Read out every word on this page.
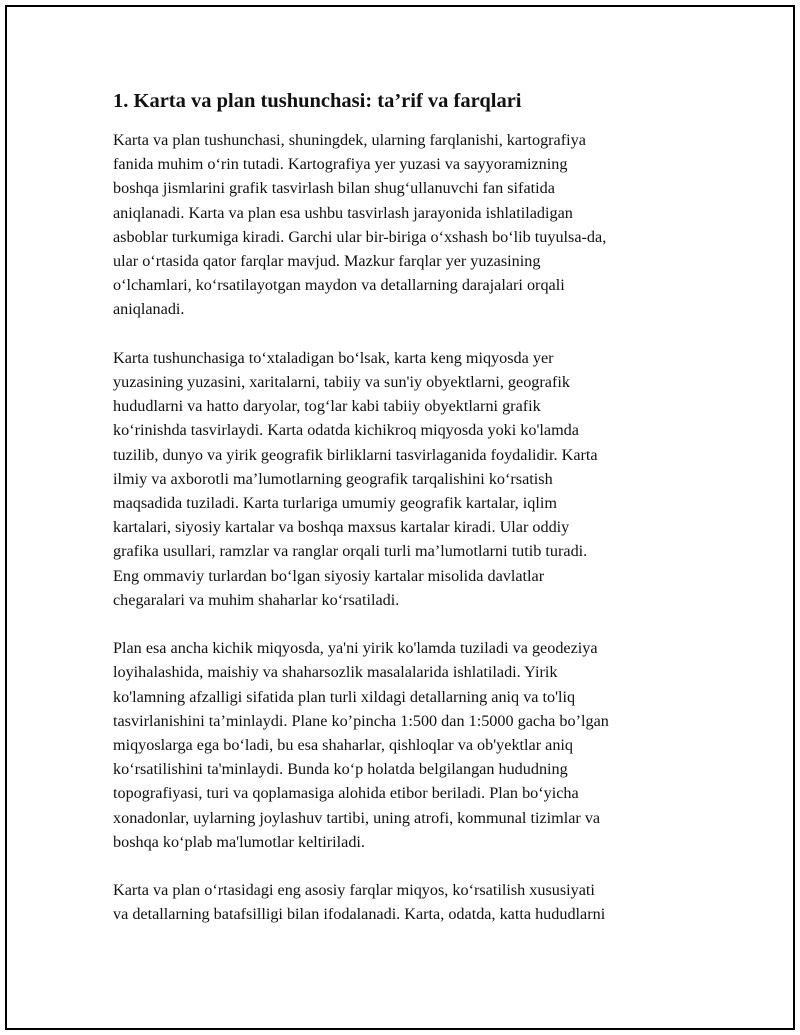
1. Karta va plan tushunchasi: ta’rif va farqlari
Karta va plan tushunchasi, shuningdek, ularning farqlanishi, kartografiya
fanida muhim o‘rin tutadi. Kartografiya yer yuzasi va sayyoramizning
boshqa jismlarini grafik tasvirlash bilan shug‘ullanuvchi fan sifatida
aniqlanadi. Karta va plan esa ushbu tasvirlash jarayonida ishlatiladigan
asboblar turkumiga kiradi. Garchi ular bir-biriga o‘xshash bo‘lib tuyulsa-da,
ular o‘rtasida qator farqlar mavjud. Mazkur farqlar yer yuzasining
o‘lchamlari, ko‘rsatilayotgan maydon va detallarning darajalari orqali
aniqlanadi.
Karta tushunchasiga to‘xtaladigan bo‘lsak, karta keng miqyosda yer
yuzasining yuzasini, xaritalarni, tabiiy va sun'iy obyektlarni, geografik
hududlarni va hatto daryolar, tog‘lar kabi tabiiy obyektlarni grafik
ko‘rinishda tasvirlaydi. Karta odatda kichikroq miqyosda yoki ko'lamda
tuzilib, dunyo va yirik geografik birliklarni tasvirlaganida foydalidir. Karta
ilmiy va axborotli ma’lumotlarning geografik tarqalishini ko‘rsatish
maqsadida tuziladi. Karta turlariga umumiy geografik kartalar, iqlim
kartalari, siyosiy kartalar va boshqa maxsus kartalar kiradi. Ular oddiy
grafika usullari, ramzlar va ranglar orqali turli ma’lumotlarni tutib turadi.
Eng ommaviy turlardan bo‘lgan siyosiy kartalar misolida davlatlar
chegaralari va muhim shaharlar ko‘rsatiladi.
Plan esa ancha kichik miqyosda, ya'ni yirik ko'lamda tuziladi va geodeziya
loyihalashida, maishiy va shaharsozlik masalalarida ishlatiladi. Yirik
ko'lamning afzalligi sifatida plan turli xildagi detallarning aniq va to'liq
tasvirlanishini ta’minlaydi. Plane ko’pincha 1:500 dan 1:5000 gacha bo’lgan
miqyoslarga ega bo‘ladi, bu esa shaharlar, qishloqlar va ob'yektlar aniq
ko‘rsatilishini ta'minlaydi. Bunda ko‘p holatda belgilangan hududning
topografiyasi, turi va qoplamasiga alohida etibor beriladi. Plan bo‘yicha
xonadonlar, uylarning joylashuv tartibi, uning atrofi, kommunal tizimlar va
boshqa ko‘plab ma'lumotlar keltiriladi.
Karta va plan o‘rtasidagi eng asosiy farqlar miqyos, ko‘rsatilish xususiyati
va detallarning batafsilligi bilan ifodalanadi. Karta, odatda, katta hududlarni
